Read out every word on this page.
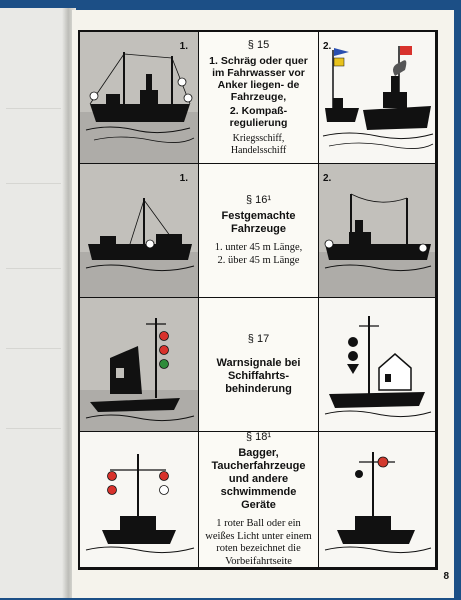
1.	§ 15
1. Schräg oder quer im Fahrwasser vor Anker liegen- de Fahrzeuge,
2. Kompaß- regulierung
Kriegsschiff,
Handelsschiff
2.
1.
§ 16¹
Festgemachte Fahrzeuge
1. unter 45 m Länge,
2. über 45 m Länge
2.
§ 17
Warnsignale bei Schiffahrts- behinderung
§ 18¹
Bagger, Taucherfahrzeuge und andere schwimmende Geräte
1 roter Ball oder ein weißes Licht unter einem roten bezeichnet die Vorbeifahrtseite
8
